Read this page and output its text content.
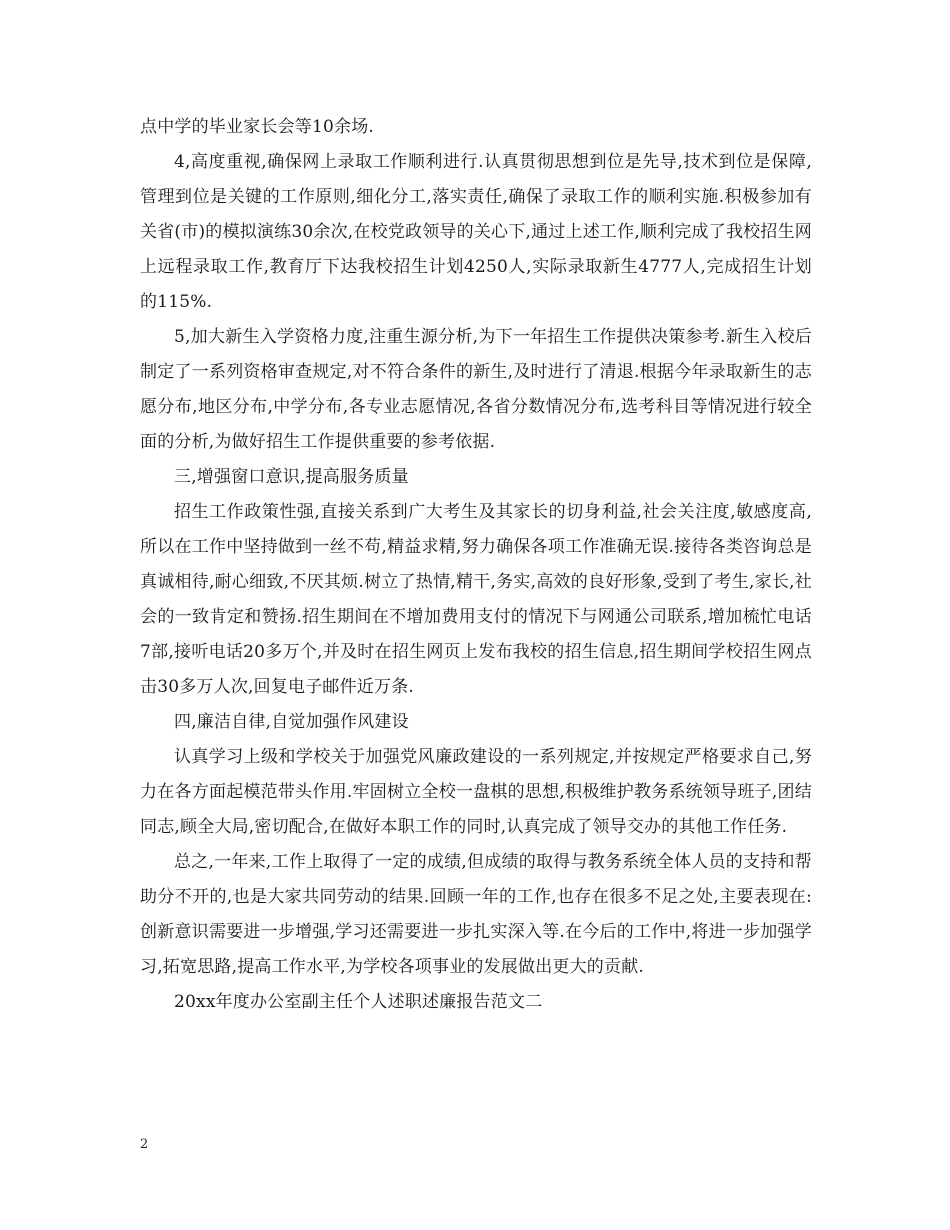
点中学的毕业家长会等10余场.

4,高度重视,确保网上录取工作顺利进行.认真贯彻思想到位是先导,技术到位是保障,管理到位是关键的工作原则,细化分工,落实责任,确保了录取工作的顺利实施.积极参加有关省(市)的模拟演练30余次,在校党政领导的关心下,通过上述工作,顺利完成了我校招生网上远程录取工作,教育厅下达我校招生计划4250人,实际录取新生4777人,完成招生计划的115%.

5,加大新生入学资格力度,注重生源分析,为下一年招生工作提供决策参考.新生入校后制定了一系列资格审查规定,对不符合条件的新生,及时进行了清退.根据今年录取新生的志愿分布,地区分布,中学分布,各专业志愿情况,各省分数情况分布,选考科目等情况进行较全面的分析,为做好招生工作提供重要的参考依据.

三,增强窗口意识,提高服务质量

招生工作政策性强,直接关系到广大考生及其家长的切身利益,社会关注度,敏感度高,所以在工作中坚持做到一丝不苟,精益求精,努力确保各项工作准确无误.接待各类咨询总是真诚相待,耐心细致,不厌其烦.树立了热情,精干,务实,高效的良好形象,受到了考生,家长,社会的一致肯定和赞扬.招生期间在不增加费用支付的情况下与网通公司联系,增加梳忙电话7部,接听电话20多万个,并及时在招生网页上发布我校的招生信息,招生期间学校招生网点击30多万人次,回复电子邮件近万条.

四,廉洁自律,自觉加强作风建设

认真学习上级和学校关于加强党风廉政建设的一系列规定,并按规定严格要求自己,努力在各方面起模范带头作用.牢固树立全校一盘棋的思想,积极维护教务系统领导班子,团结同志,顾全大局,密切配合,在做好本职工作的同时,认真完成了领导交办的其他工作任务.

总之,一年来,工作上取得了一定的成绩,但成绩的取得与教务系统全体人员的支持和帮助分不开的,也是大家共同劳动的结果.回顾一年的工作,也存在很多不足之处,主要表现在:创新意识需要进一步增强,学习还需要进一步扎实深入等.在今后的工作中,将进一步加强学习,拓宽思路,提高工作水平,为学校各项事业的发展做出更大的贡献.

20xx年度办公室副主任个人述职述廉报告范文二

2
